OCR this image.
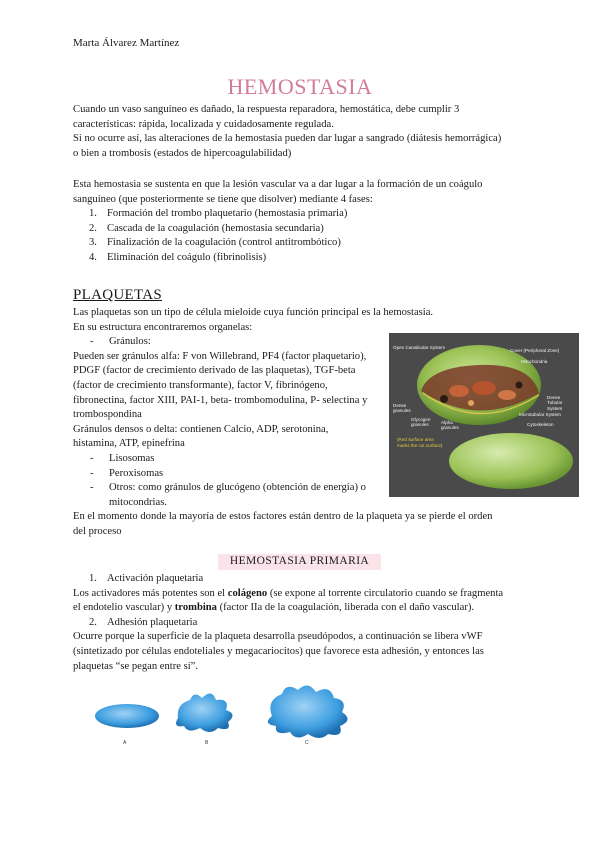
Marta Álvarez Martínez
HEMOSTASIA
Cuando un vaso sanguíneo es dañado, la respuesta reparadora, hemostática, debe cumplir 3
características: rápida, localizada y cuidadosamente regulada.
Si no ocurre así, las alteraciones de la hemostasia pueden dar lugar a sangrado (diátesis hemorrágica)
o bien a trombosis (estados de hipercoagulabilidad)
Esta hemostasia se sustenta en que la lesión vascular va a dar lugar a la formación de un coágulo
sanguíneo (que posteriormente se tiene que disolver) mediante 4 fases:
1. Formación del trombo plaquetario (hemostasia primaria)
2. Cascada de la coagulación (hemostasia secundaria)
3. Finalización de la coagulación (control antitrombótico)
4. Eliminación del coágulo (fibrinolisis)
PLAQUETAS
Las plaquetas son un tipo de célula mieloide cuya función principal es la hemostasia.
En su estructura encontraremos organelas:
- Gránulos:
Pueden ser gránulos alfa: F von Willebrand, PF4 (factor plaquetario),
PDGF (factor de crecimiento derivado de las plaquetas), TGF-beta
(factor de crecimiento transformante), factor V, fibrinógeno,
fibronectina, factor XIII, PAI-1, beta- trombomodulina, P- selectina y
trombospondina
Gránulos densos o delta: contienen Calcio, ADP, serotonina,
histamina, ATP, epinefrina
- Lisosomas
- Peroxisomas
- Otros: como gránulos de glucógeno (obtención de energía) o
mitocondrias.
En el momento donde la mayoría de estos factores están dentro de la plaqueta ya se pierde el orden
del proceso
Open Canalicular System
Cover (Peripheral Zone)
Mitochondria
Dense Tubular System
Dense granules
Glycogen granules	Alpha granules
Microtubular System
Cytoskeleton
(Red surface area
marks the cut surface)
HEMOSTASIA PRIMARIA
1. Activación plaquetaria
Los activadores más potentes son el colágeno (se expone al torrente circulatorio cuando se fragmenta
el endotelio vascular) y trombina (factor IIa de la coagulación, liberada con el daño vascular).
2. Adhesión plaquetaria
Ocurre porque la superficie de la plaqueta desarrolla pseudópodos, a continuación se libera vWF
(sintetizado por células endoteliales y megacariocitos) que favorece esta adhesión, y entonces las
plaquetas “se pegan entre sí”.
A	B	C
